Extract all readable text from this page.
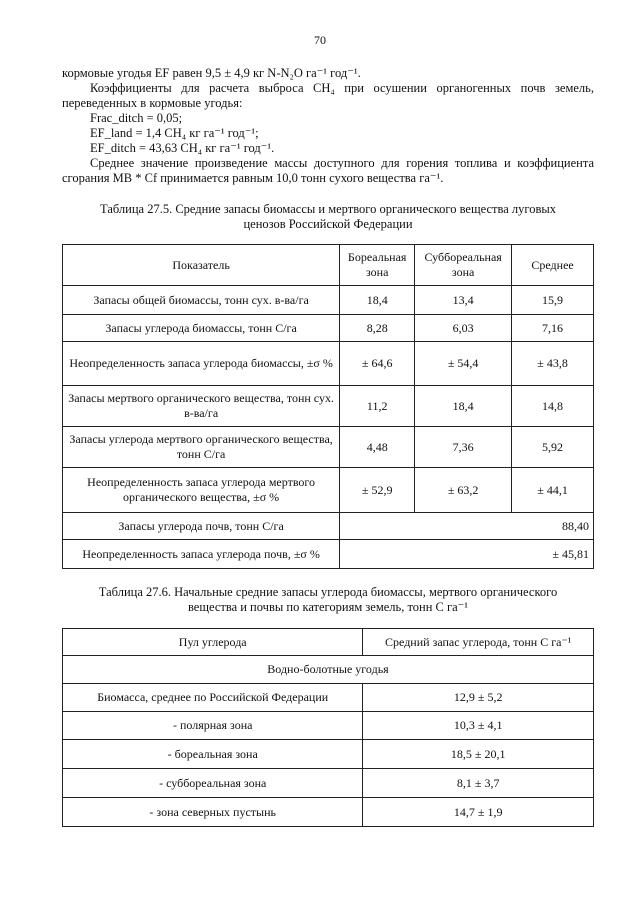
70
кормовые угодья EF равен 9,5 ± 4,9 кг N-N₂O га⁻¹ год⁻¹.
Коэффициенты для расчета выброса CH₄ при осушении органогенных почв земель,
переведенных в кормовые угодья:
Frac_ditch = 0,05;
EF_land = 1,4 CH₄ кг га⁻¹ год⁻¹;
EF_ditch = 43,63 CH₄ кг га⁻¹ год⁻¹.
Среднее значение произведение массы доступного для горения топлива и коэффициента
сгорания MB * Cf принимается равным 10,0 тонн сухого вещества га⁻¹.
Таблица 27.5. Средние запасы биомассы и мертвого органического вещества луговых
ценозов Российской Федерации
Показатель	Бореальная зона	Суббореальная зона	Среднее
Запасы общей биомассы, тонн сух. в-ва/га	18,4	13,4	15,9
Запасы углерода биомассы, тонн С/га	8,28	6,03	7,16
Неопределенность запаса углерода биомассы, ±σ %	± 64,6	± 54,4	± 43,8
Запасы мертвого органического вещества, тонн сух. в-ва/га	11,2	18,4	14,8
Запасы углерода мертвого органического вещества, тонн С/га	4,48	7,36	5,92
Неопределенность запаса углерода мертвого органического вещества, ±σ %	± 52,9	± 63,2	± 44,1
Запасы углерода почв, тонн С/га	88,40		
Неопределенность запаса углерода почв, ±σ %	± 45,81		
Таблица 27.6. Начальные средние запасы углерода биомассы, мертвого органического
вещества и почвы по категориям земель, тонн С га⁻¹
Пул углерода	Средний запас углерода, тонн С га⁻¹
Водно-болотные угодья	
Биомасса, среднее по Российской Федерации	12,9 ± 5,2
- полярная зона	10,3 ± 4,1
- бореальная зона	18,5 ± 20,1
- суббореальная зона	8,1 ± 3,7
- зона северных пустынь	14,7 ± 1,9
